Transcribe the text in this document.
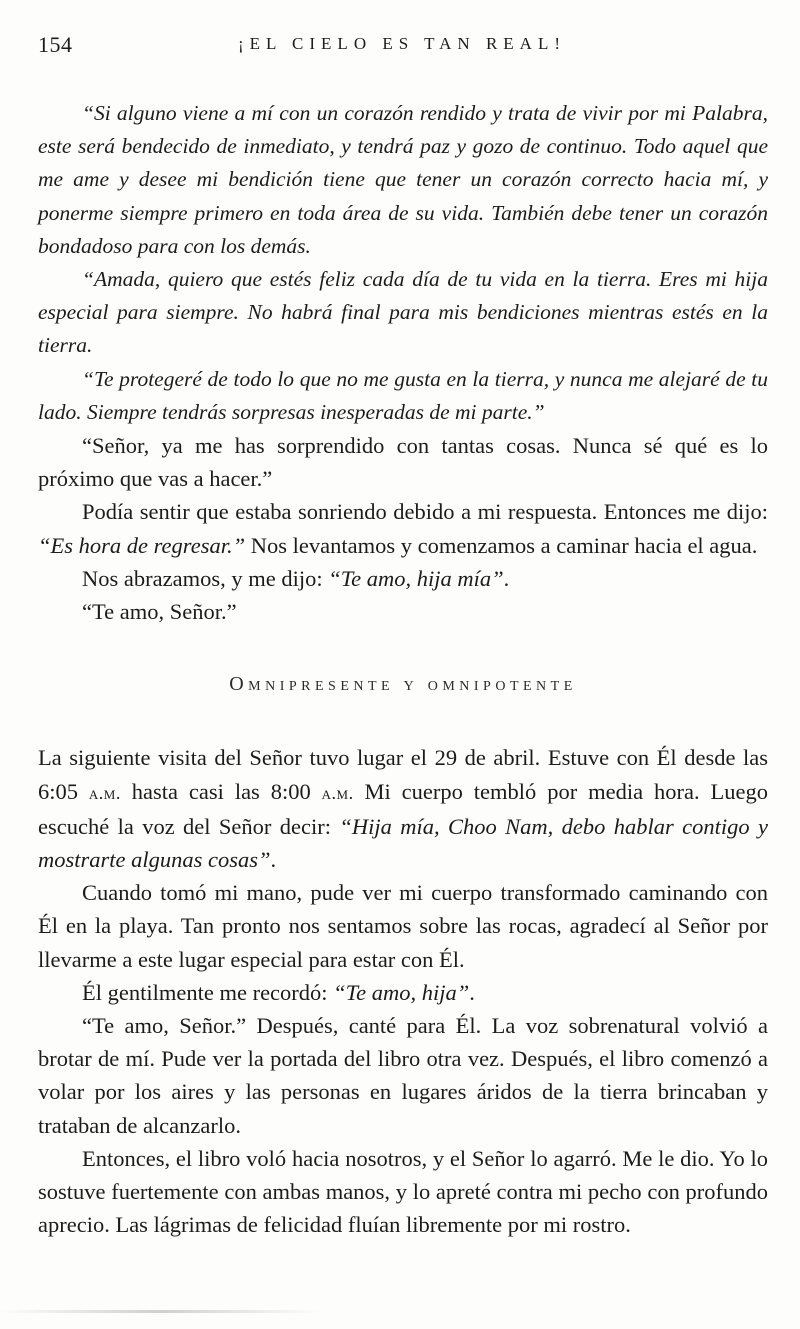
154	¡EL CIELO ES TAN REAL!

“Si alguno viene a mí con un corazón rendido y trata de vivir por mi Palabra, este será bendecido de inmediato, y tendrá paz y gozo de continuo. Todo aquel que me ame y desee mi bendición tiene que tener un corazón correcto hacia mí, y ponerme siempre primero en toda área de su vida. También debe tener un corazón bondadoso para con los demás.

“Amada, quiero que estés feliz cada día de tu vida en la tierra. Eres mi hija especial para siempre. No habrá final para mis bendiciones mientras estés en la tierra.

“Te protegeré de todo lo que no me gusta en la tierra, y nunca me alejaré de tu lado. Siempre tendrás sorpresas inesperadas de mi parte.”

“Señor, ya me has sorprendido con tantas cosas. Nunca sé qué es lo próximo que vas a hacer.”

Podía sentir que estaba sonriendo debido a mi respuesta. Entonces me dijo: “Es hora de regresar.” Nos levantamos y comenzamos a caminar hacia el agua.

Nos abrazamos, y me dijo: “Te amo, hija mía”.

“Te amo, Señor.”

Omnipresente y omnipotente

La siguiente visita del Señor tuvo lugar el 29 de abril. Estuve con Él desde las 6:05 a.m. hasta casi las 8:00 a.m. Mi cuerpo tembló por media hora. Luego escuché la voz del Señor decir: “Hija mía, Choo Nam, debo hablar contigo y mostrarte algunas cosas”.

Cuando tomó mi mano, pude ver mi cuerpo transformado caminando con Él en la playa. Tan pronto nos sentamos sobre las rocas, agradecí al Señor por llevarme a este lugar especial para estar con Él.

Él gentilmente me recordó: “Te amo, hija”.

“Te amo, Señor.” Después, canté para Él. La voz sobrenatural volvió a brotar de mí. Pude ver la portada del libro otra vez. Después, el libro comenzó a volar por los aires y las personas en lugares áridos de la tierra brincaban y trataban de alcanzarlo.

Entonces, el libro voló hacia nosotros, y el Señor lo agarró. Me le dio. Yo lo sostuve fuertemente con ambas manos, y lo apreté contra mi pecho con profundo aprecio. Las lágrimas de felicidad fluían libremente por mi rostro.
